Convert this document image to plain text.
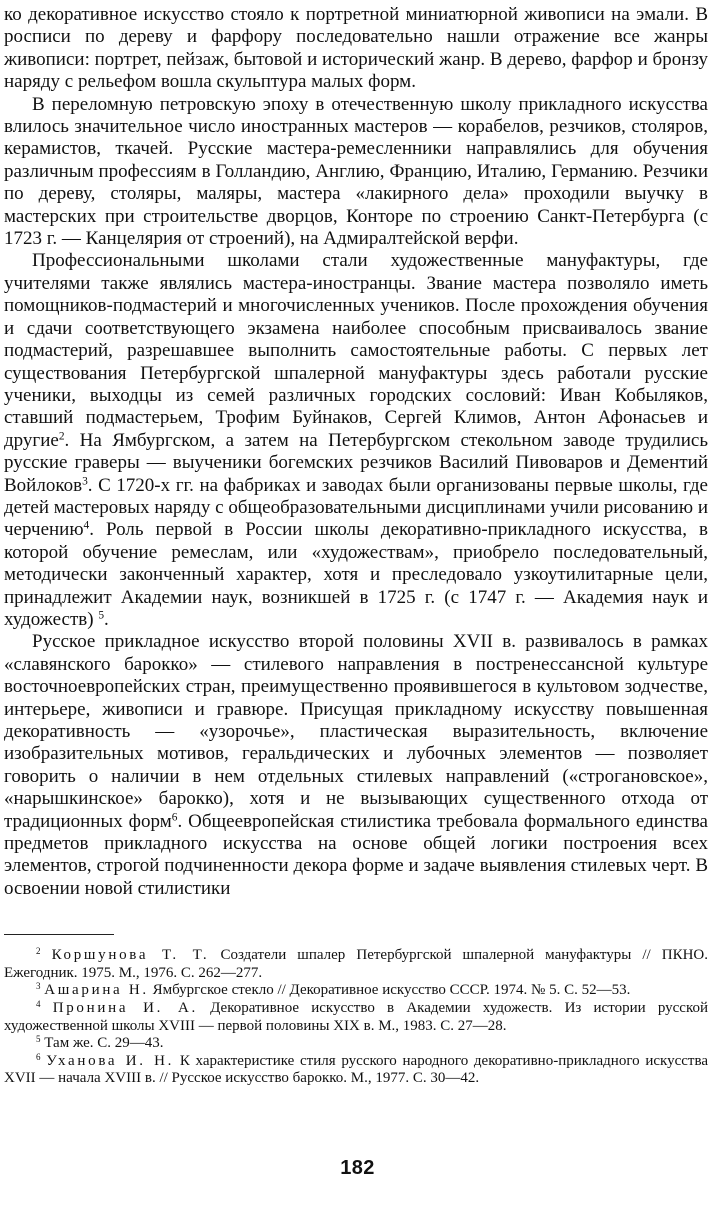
ко декоративное искусство стояло к портретной миниатюрной живописи на эмали. В росписи по дереву и фарфору последовательно нашли отражение все жанры живописи: портрет, пейзаж, бытовой и исторический жанр. В дерево, фарфор и бронзу наряду с рельефом вошла скульптура малых форм.

В переломную петровскую эпоху в отечественную школу прикладного искусства влилось значительное число иностранных мастеров — корабелов, резчиков, столяров, керамистов, ткачей. Русские мастера-ремесленники направлялись для обучения различным профессиям в Голландию, Англию, Францию, Италию, Германию. Резчики по дереву, столяры, маляры, мастера «лакирного дела» проходили выучку в мастерских при строительстве дворцов, Конторе по строению Санкт-Петербурга (с 1723 г. — Канцелярия от строений), на Адмиралтейской верфи.

Профессиональными школами стали художественные мануфактуры, где учителями также являлись мастера-иностранцы. Звание мастера позволяло иметь помощников-подмастерий и многочисленных учеников. После прохождения обучения и сдачи соответствующего экзамена наиболее способным присваивалось звание подмастерий, разрешавшее выполнить самостоятельные работы. С первых лет существования Петербургской шпалерной мануфактуры здесь работали русские ученики, выходцы из семей различных городских сословий: Иван Кобыляков, ставший подмастерьем, Трофим Буйнаков, Сергей Климов, Антон Афонасьев и другие$^2$. На Ямбургском, а затем на Петербургском стекольном заводе трудились русские граверы — выученики богемских резчиков Василий Пивоваров и Дементий Войлоков$^3$. С 1720-х гг. на фабриках и заводах были организованы первые школы, где детей мастеровых наряду с общеобразовательными дисциплинами учили рисованию и черчению$^4$. Роль первой в России школы декоративно-прикладного искусства, в которой обучение ремеслам, или «художествам», приобрело последовательный, методически законченный характер, хотя и преследовало узкоутилитарные цели, принадлежит Академии наук, возникшей в 1725 г. (с 1747 г. — Академия наук и художеств) $^5$.

Русское прикладное искусство второй половины XVII в. развивалось в рамках «славянского барокко» — стилевого направления в постренессансной культуре восточноевропейских стран, преимущественно проявившегося в культовом зодчестве, интерьере, живописи и гравюре. Присущая прикладному искусству повышенная декоративность — «узорочье», пластическая выразительность, включение изобразительных мотивов, геральдических и лубочных элементов — позволяет говорить о наличии в нем отдельных стилевых направлений («строгановское», «нарышкинское» барокко), хотя и не вызывающих существенного отхода от традиционных форм$^6$. Общеевропейская стилистика требовала формального единства предметов прикладного искусства на основе общей логики построения всех элементов, строгой подчиненности декора форме и задаче выявления стилевых черт. В освоении новой стилистики

$^2$ Коршунова Т. Т. Создатели шпалер Петербургской шпалерной мануфактуры // ПКНО. Ежегодник. 1975. М., 1976. С. 262—277.

$^3$ Ашарина Н. Ямбургское стекло // Декоративное искусство СССР. 1974. № 5. С. 52—53.

$^4$ Пронина И. А. Декоративное искусство в Академии художеств. Из истории русской художественной школы XVIII — первой половины XIX в. М., 1983. С. 27—28.

$^5$ Там же. С. 29—43.

$^6$ Уханова И. Н. К характеристике стиля русского народного декоративно-прикладного искусства XVII — начала XVIII в. // Русское искусство барокко. М., 1977. С. 30—42.

182
